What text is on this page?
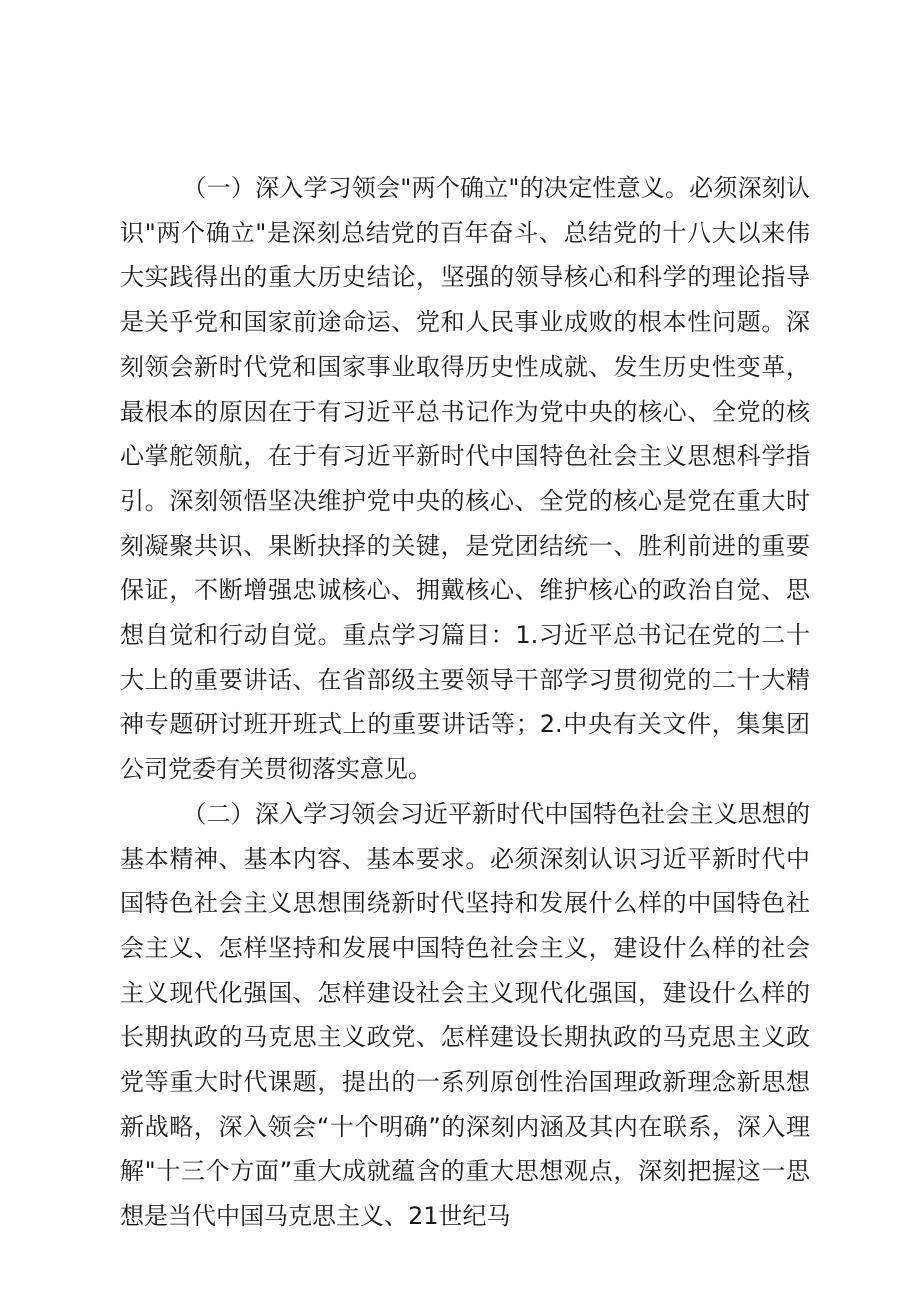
（一）深入学习领会"两个确立"的决定性意义。必须深刻认识"两个确立"是深刻总结党的百年奋斗、总结党的十八大以来伟大实践得出的重大历史结论，坚强的领导核心和科学的理论指导是关乎党和国家前途命运、党和人民事业成败的根本性问题。深刻领会新时代党和国家事业取得历史性成就、发生历史性变革，最根本的原因在于有习近平总书记作为党中央的核心、全党的核心掌舵领航，在于有习近平新时代中国特色社会主义思想科学指引。深刻领悟坚决维护党中央的核心、全党的核心是党在重大时刻凝聚共识、果断抉择的关键，是党团结统一、胜利前进的重要保证，不断增强忠诚核心、拥戴核心、维护核心的政治自觉、思想自觉和行动自觉。重点学习篇目：1.习近平总书记在党的二十大上的重要讲话、在省部级主要领导干部学习贯彻党的二十大精神专题研讨班开班式上的重要讲话等；2.中央有关文件，集集团公司党委有关贯彻落实意见。

（二）深入学习领会习近平新时代中国特色社会主义思想的基本精神、基本内容、基本要求。必须深刻认识习近平新时代中国特色社会主义思想围绕新时代坚持和发展什么样的中国特色社会主义、怎样坚持和发展中国特色社会主义，建设什么样的社会主义现代化强国、怎样建设社会主义现代化强国，建设什么样的长期执政的马克思主义政党、怎样建设长期执政的马克思主义政党等重大时代课题，提出的一系列原创性治国理政新理念新思想新战略，深入领会“十个明确”的深刻内涵及其内在联系，深入理解"十三个方面”重大成就蕴含的重大思想观点，深刻把握这一思想是当代中国马克思主义、21世纪马
